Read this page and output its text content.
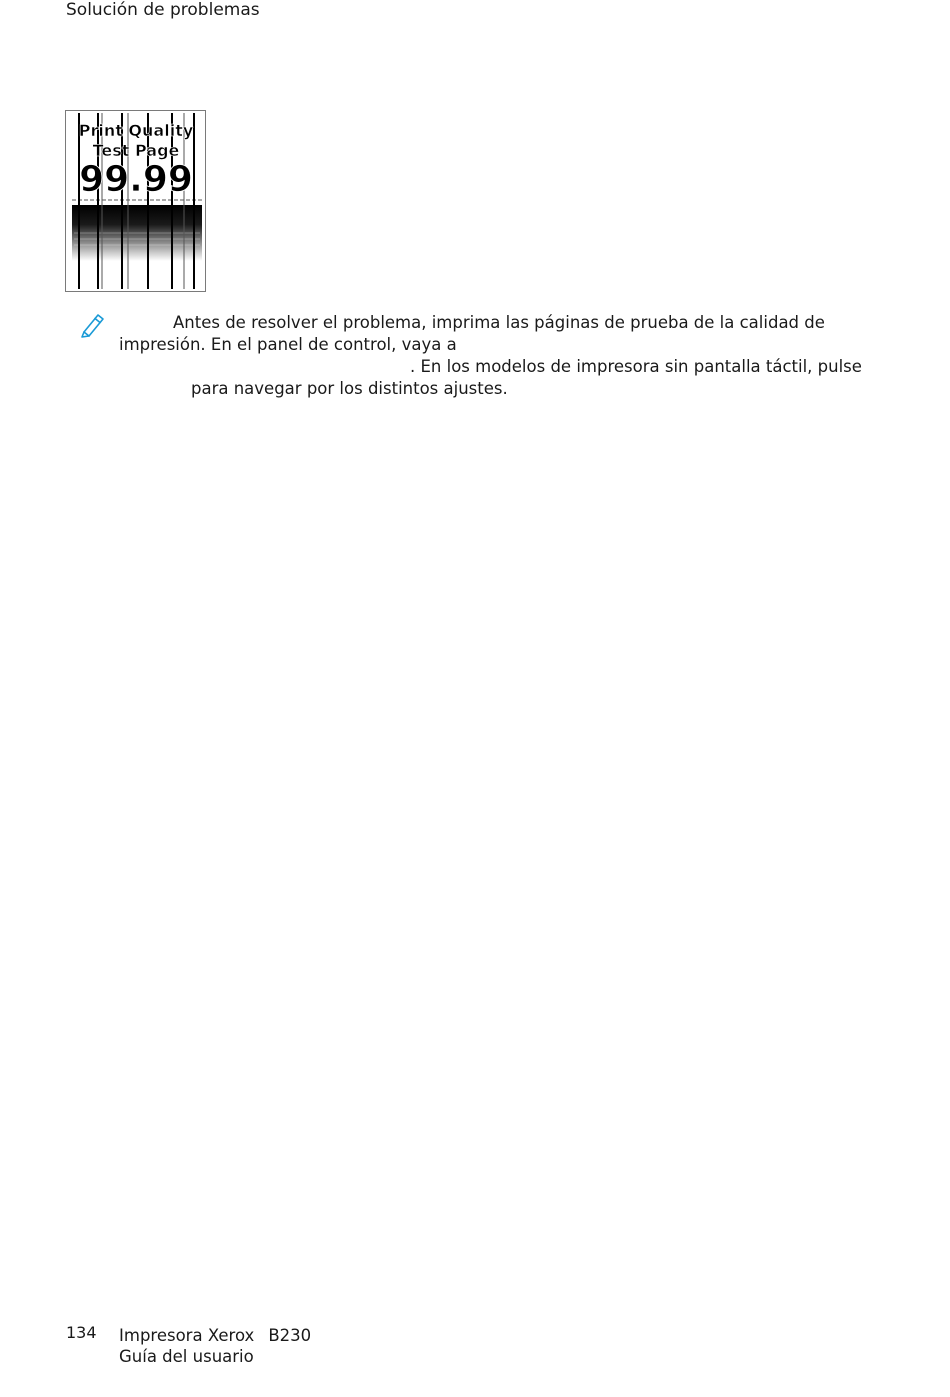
Solución de problemas
Print Quality
Test Page
99.99
Antes de resolver el problema, imprima las páginas de prueba de la calidad de
impresión. En el panel de control, vaya a
. En los modelos de impresora sin pantalla táctil, pulse
para navegar por los distintos ajustes.
134 Impresora Xerox B230
Guía del usuario
